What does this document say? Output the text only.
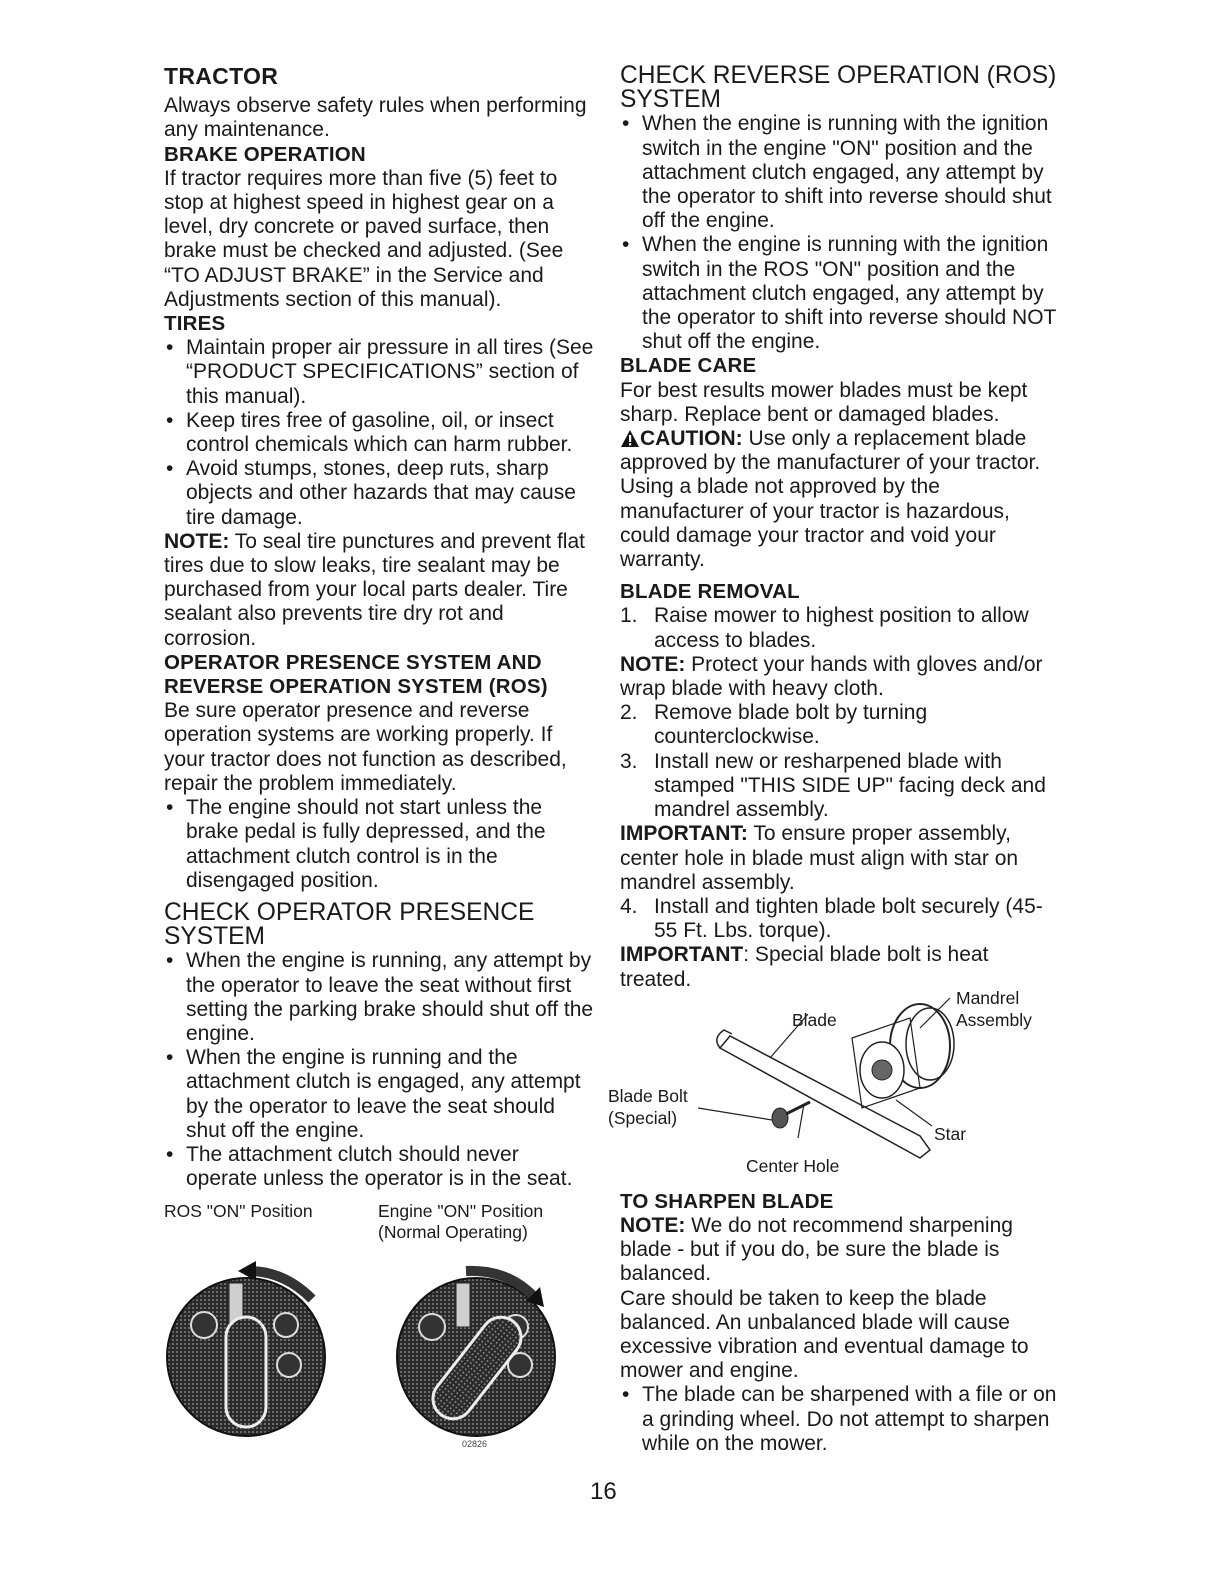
TRACTOR

Always observe safety rules when performing any maintenance.

BRAKE OPERATION

If tractor requires more than five (5) feet to stop at highest speed in highest gear on a level, dry concrete or paved surface, then brake must be checked and adjusted. (See “TO ADJUST BRAKE” in the Service and Adjustments section of this manual).

TIRES
• Maintain proper air pressure in all tires (See “PRODUCT SPECIFICATIONS” section of this manual).
• Keep tires free of gasoline, oil, or insect control chemicals which can harm rubber.
• Avoid stumps, stones, deep ruts, sharp objects and other hazards that may cause tire damage.

NOTE: To seal tire punctures and prevent flat tires due to slow leaks, tire sealant may be purchased from your local parts dealer. Tire sealant also prevents tire dry rot and corrosion.

OPERATOR PRESENCE SYSTEM AND REVERSE OPERATION SYSTEM (ROS)

Be sure operator presence and reverse operation systems are working properly. If your tractor does not function as described, repair the problem immediately.

• The engine should not start unless the brake pedal is fully depressed, and the attachment clutch control is in the disengaged position.
CHECK OPERATOR PRESENCE SYSTEM
• When the engine is running, any attempt by the operator to leave the seat without first setting the parking brake should shut off the engine.
• When the engine is running and the attachment clutch is engaged, any attempt by the operator to leave the seat should shut off the engine.
• The attachment clutch should never operate unless the operator is in the seat.
ROS "ON" Position	Engine "ON" Position
(Normal Operating)
02826
CHECK REVERSE OPERATION (ROS) SYSTEM
• When the engine is running with the ignition switch in the engine "ON" position and the attachment clutch engaged, any attempt by the operator to shift into reverse should shut off the engine.
• When the engine is running with the ignition switch in the ROS "ON" position and the attachment clutch engaged, any attempt by the operator to shift into reverse should NOT shut off the engine.
BLADE CARE

For best results mower blades must be kept sharp. Replace bent or damaged blades.

CAUTION: Use only a replacement blade approved by the manufacturer of your tractor. Using a blade not approved by the manufacturer of your tractor is hazardous, could damage your tractor and void your warranty.

BLADE REMOVAL
1. Raise mower to highest position to allow access to blades.

NOTE: Protect your hands with gloves and/or wrap blade with heavy cloth.

2. Remove blade bolt by turning counterclockwise.
3. Install new or resharpened blade with stamped "THIS SIDE UP" facing deck and mandrel assembly.

IMPORTANT: To ensure proper assembly, center hole in blade must align with star on mandrel assembly.

4. Install and tighten blade bolt securely (45-55 Ft. Lbs. torque).

IMPORTANT: Special blade bolt is heat treated.

Mandrel
Assembly
Blade
Blade Bolt
(Special)
Star
Center Hole
TO SHARPEN BLADE

NOTE: We do not recommend sharpening blade - but if you do, be sure the blade is balanced.

Care should be taken to keep the blade balanced. An unbalanced blade will cause excessive vibration and eventual damage to mower and engine.

• The blade can be sharpened with a file or on a grinding wheel. Do not attempt to sharpen while on the mower.
16
